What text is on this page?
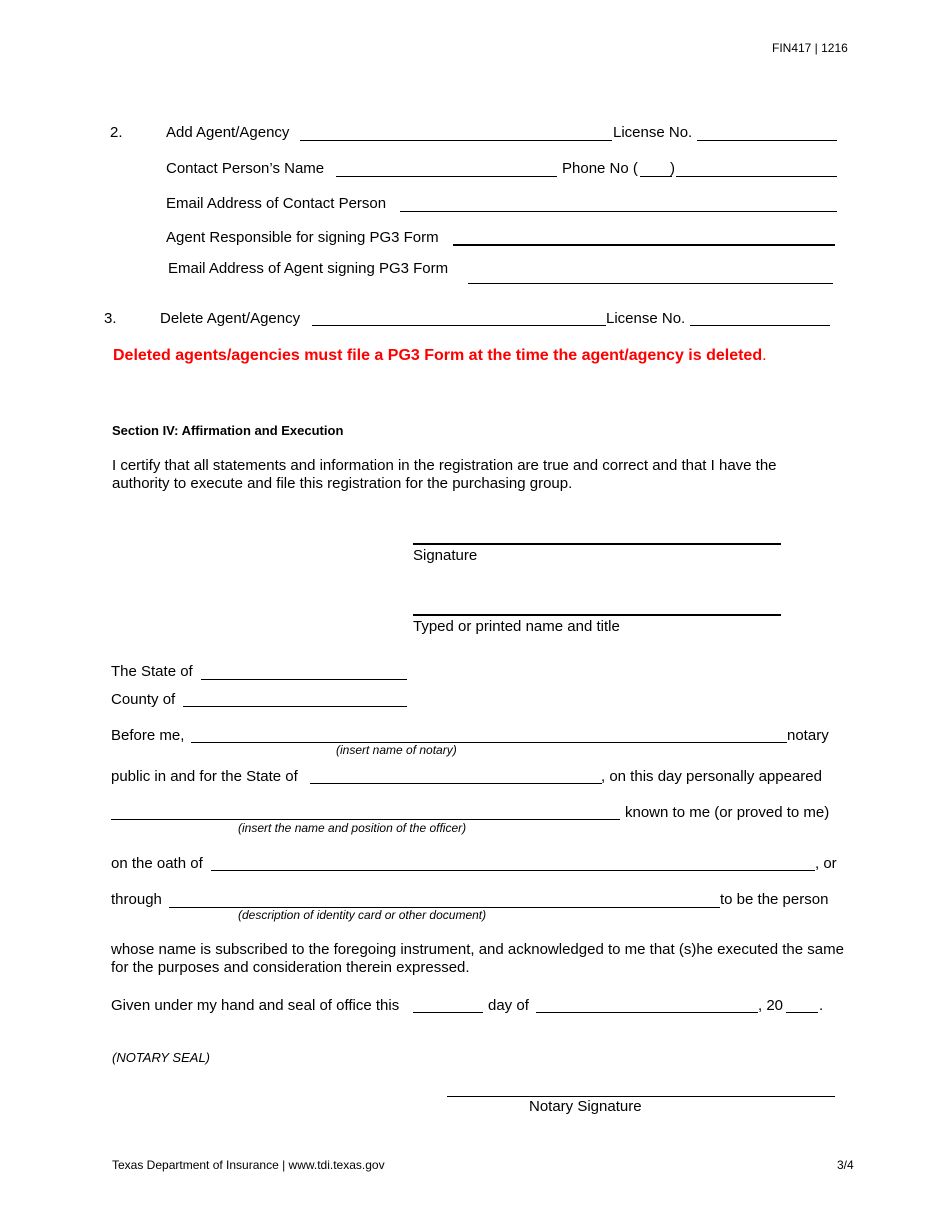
FIN417 | 1216
2.	Add Agent/Agency	License No.
Contact Person’s Name	Phone No ( )
Email Address of Contact Person
Agent Responsible for signing PG3 Form
Email Address of Agent signing PG3 Form
3.	Delete Agent/Agency	License No.
Deleted agents/agencies must file a PG3 Form at the time the agent/agency is deleted.
Section IV: Affirmation and Execution
I certify that all statements and information in the registration are true and correct and that I have the authority to execute and file this registration for the purchasing group.
Signature
Typed or printed name and title
The State of
County of
Before me,	notary
(insert name of notary)
public in and for the State of	, on this day personally appeared
known to me (or proved to me)
(insert the name and position of the officer)
on the oath of	, or
through	to be the person
(description of identity card or other document)
whose name is subscribed to the foregoing instrument, and acknowledged to me that (s)he executed the same for the purposes and consideration therein expressed.
Given under my hand and seal of office this	day of	, 20 .
(NOTARY SEAL)
Notary Signature
Texas Department of Insurance | www.tdi.texas.gov	3/4
